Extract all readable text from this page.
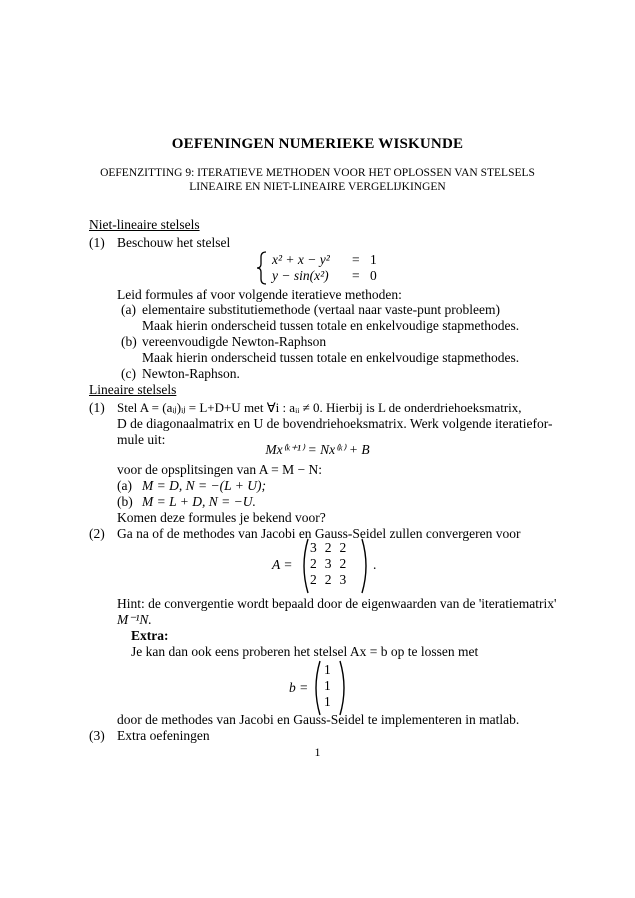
OEFENINGEN NUMERIEKE WISKUNDE
OEFENZITTING 9: ITERATIEVE METHODEN VOOR HET OPLOSSEN VAN STELSELS
LINEAIRE EN NIET-LINEAIRE VERGELIJKINGEN
Niet-lineaire stelsels
(1) Beschouw het stelsel
x² + x − y² = 1
y − sin(x²) = 0
Leid formules af voor volgende iteratieve methoden:
(a) elementaire substitutiemethode (vertaal naar vaste-punt probleem)
Maak hierin onderscheid tussen totale en enkelvoudige stapmethodes.
(b) vereenvoudigde Newton-Raphson
Maak hierin onderscheid tussen totale en enkelvoudige stapmethodes.
(c) Newton-Raphson.
Lineaire stelsels
(1) Stel A = (aᵢⱼ)ᵢⱼ = L+D+U met ∀i : aᵢᵢ ≠ 0. Hierbij is L de onderdriehoeksmatrix,
D de diagonaalmatrix en U de bovendriehoeksmatrix. Werk volgende iteratiefor-
mule uit:
Mx⁽ᵏ⁺¹⁾ = Nx⁽ᵏ⁾ + B
voor de opsplitsingen van A = M − N:
(a) M = D, N = −(L + U);
(b) M = L + D, N = −U.
Komen deze formules je bekend voor?
(2) Ga na of de methodes van Jacobi en Gauss-Seidel zullen convergeren voor
A =
3	2	2
2	3	2
2	2	3
.
Hint: de convergentie wordt bepaald door de eigenwaarden van de 'iteratiematrix'
M⁻¹N.
Extra:
Je kan dan ook eens proberen het stelsel Ax = b op te lossen met
b =
1
1
1
door de methodes van Jacobi en Gauss-Seidel te implementeren in matlab.
(3) Extra oefeningen
1
